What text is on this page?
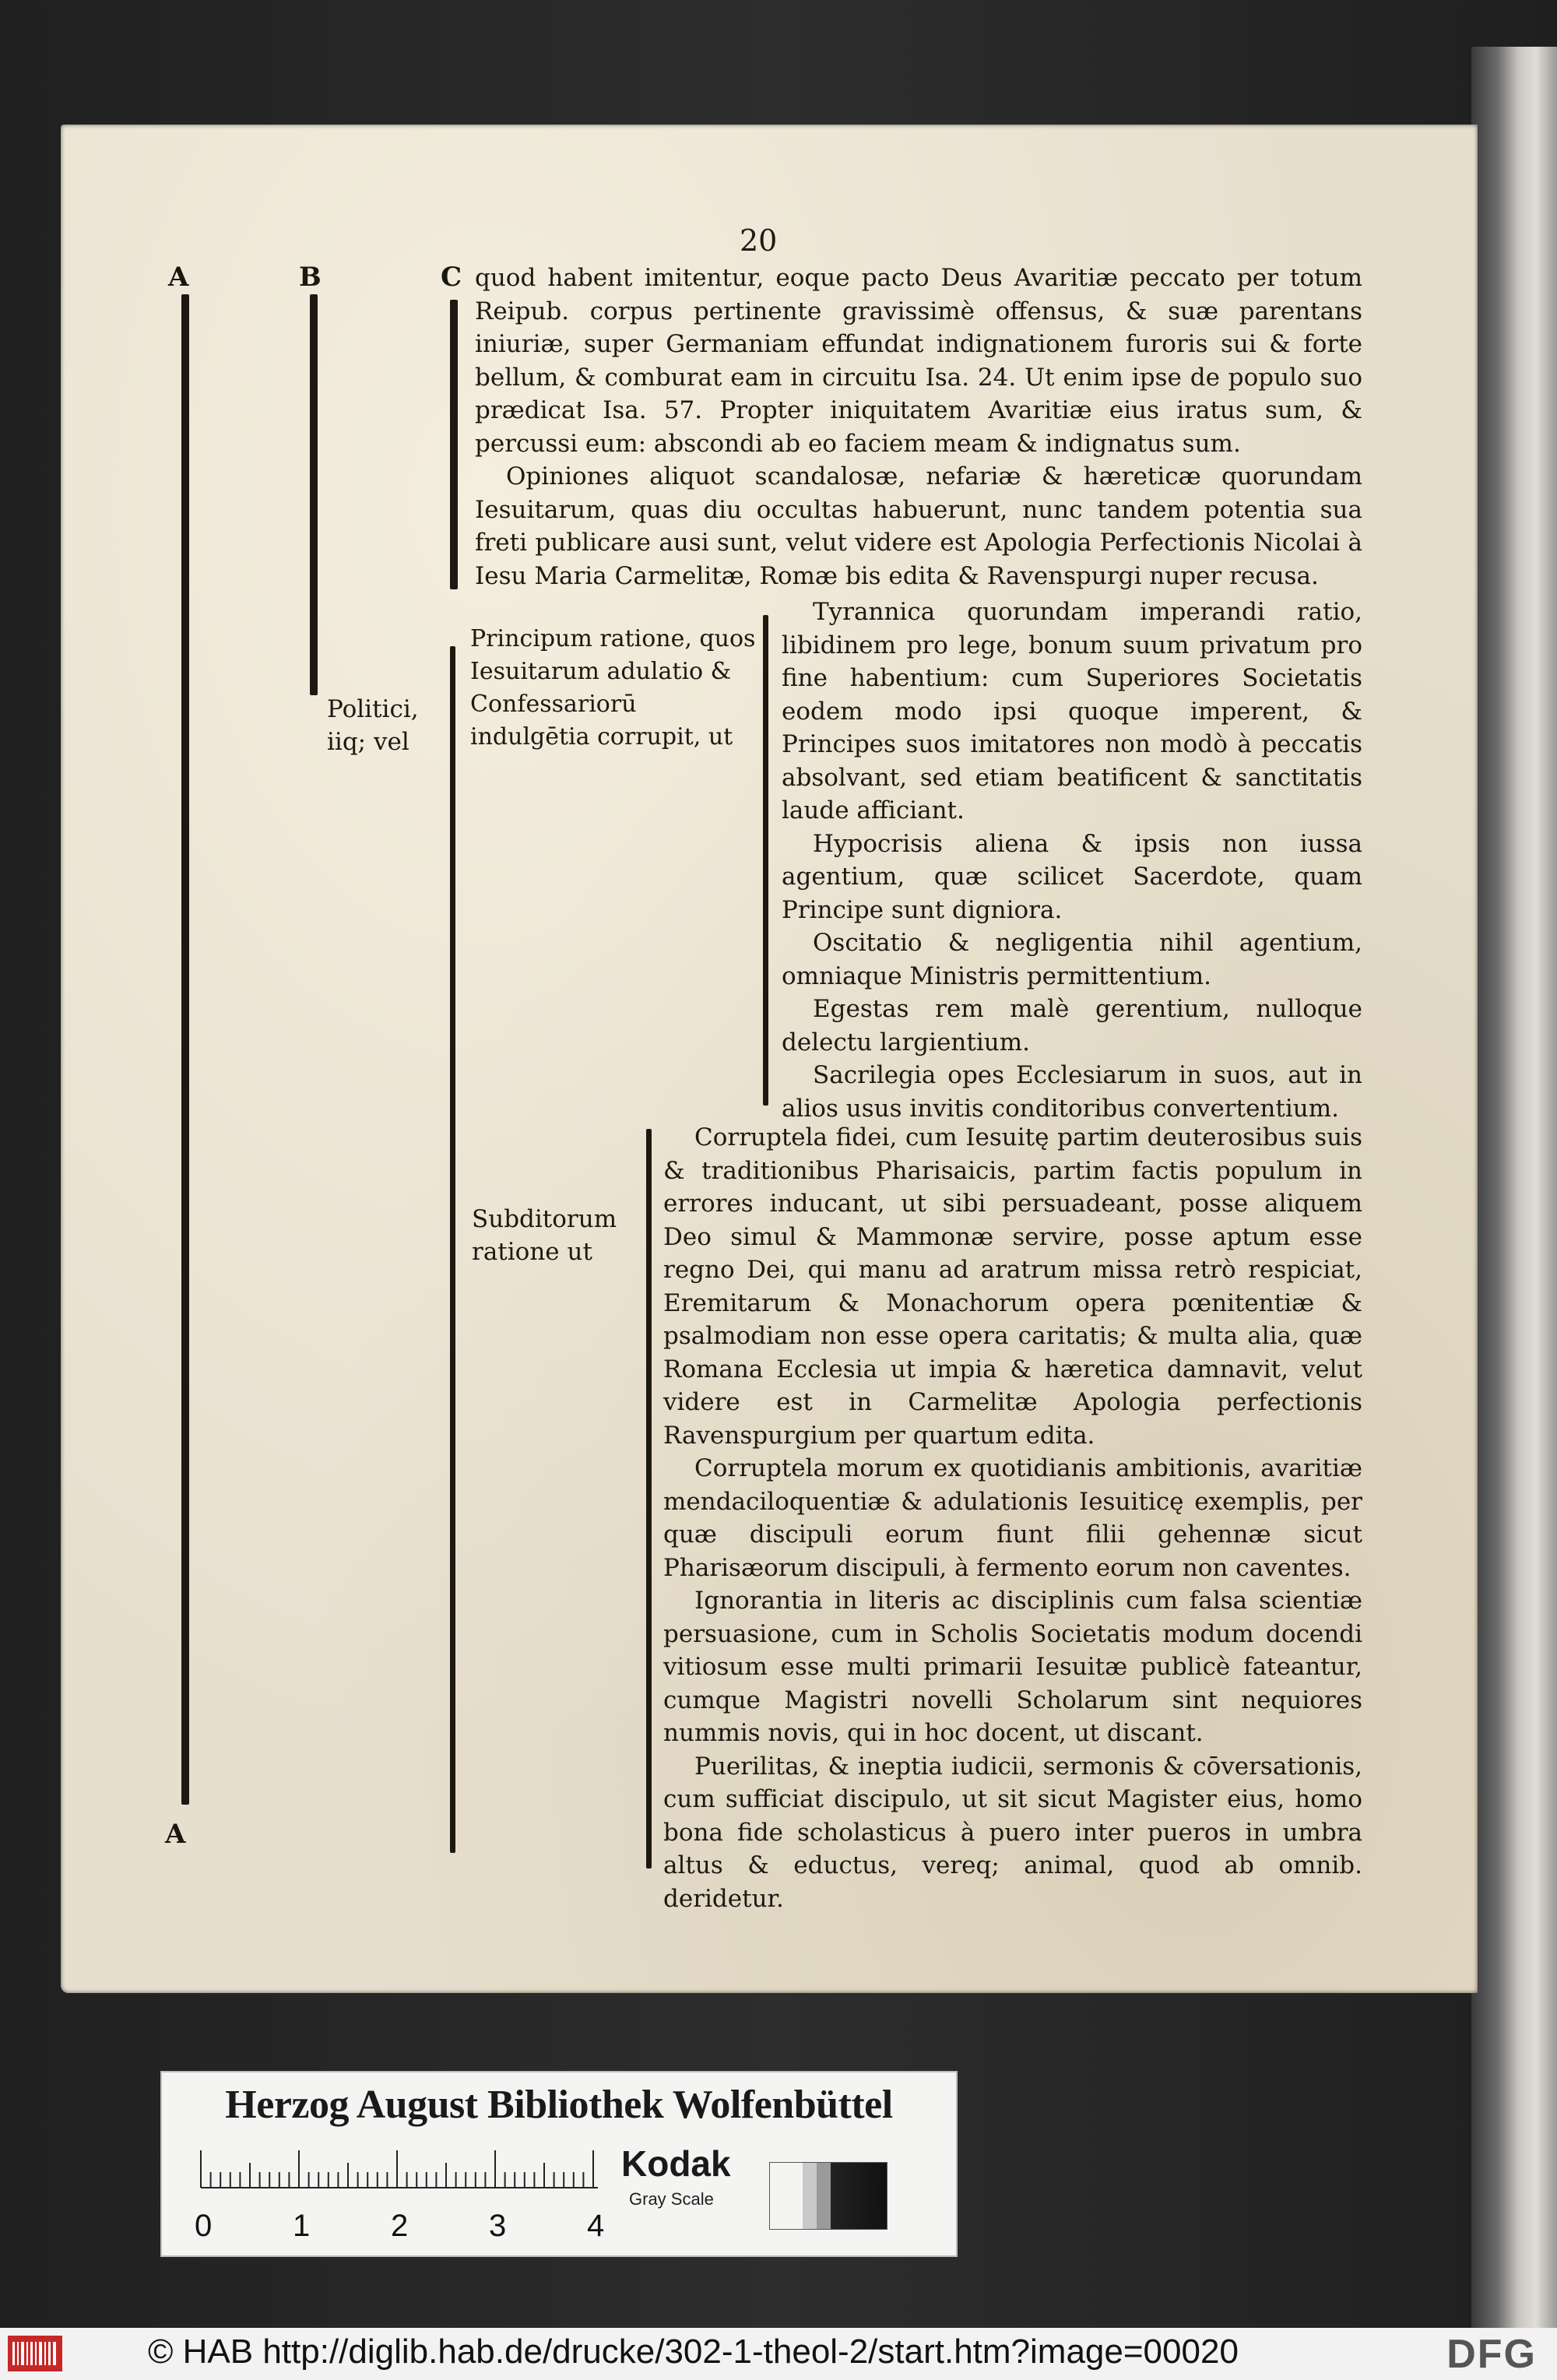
20
A	B	C
A

quod habent imitentur, eoque pacto Deus Avaritiæ peccato per totum Reipub. corpus pertinente gravissimè offensus, & suæ parentans iniuriæ, super Germaniam effundat indignationem furoris sui & forte bellum, & comburat eam in circuitu Isa. 24. Ut enim ipse de populo suo prædicat Isa. 57. Propter iniquitatem Avaritiæ eius iratus sum, & percussi eum: abscondi ab eo faciem meam & indignatus sum.

Opiniones aliquot scandalosæ, nefariæ & hæreticæ quorundam Iesuitarum, quas diu occultas habuerunt, nunc tandem potentia sua freti publicare ausi sunt, velut videre est Apologia Perfectionis Nicolai à Iesu Maria Carmelitæ, Romæ bis edita & Ravenspurgi nuper recusa.

Politici, iiq; vel
Principum ratione, quos Iesuitarum adulatio & Confessariorū indulgētia corrupit, ut

Tyrannica quorundam imperandi ratio, libidinem pro lege, bonum suum privatum pro fine habentium: cum Superiores Societatis eodem modo ipsi quoque imperent, & Principes suos imitatores non modò à peccatis absolvant, sed etiam beatificent & sanctitatis laude afficiant.

Hypocrisis aliena & ipsis non iussa agentium, quæ scilicet Sacerdote, quam Principe sunt digniora.

Oscitatio & negligentia nihil agentium, omniaque Ministris permittentium.

Egestas rem malè gerentium, nulloque delectu largientium.

Sacrilegia opes Ecclesiarum in suos, aut in alios usus invitis conditoribus convertentium.

Subditorum ratione ut

Corruptela fidei, cum Iesuitę partim deuterosibus suis & traditionibus Pharisaicis, partim factis populum in errores inducant, ut sibi persuadeant, posse aliquem Deo simul & Mammonæ servire, posse aptum esse regno Dei, qui manu ad aratrum missa retrò respiciat, Eremitarum & Monachorum opera pœnitentiæ & psalmodiam non esse opera caritatis; & multa alia, quæ Romana Ecclesia ut impia & hæretica damnavit, velut videre est in Carmelitæ Apologia perfectionis Ravenspurgium per quartum edita.

Corruptela morum ex quotidianis ambitionis, avaritiæ mendaciloquentiæ & adulationis Iesuiticę exemplis, per quæ discipuli eorum fiunt filii gehennæ sicut Pharisæorum discipuli, à fermento eorum non caventes.

Ignorantia in literis ac disciplinis cum falsa scientiæ persuasione, cum in Scholis Societatis modum docendi vitiosum esse multi primarii Iesuitæ publicè fateantur, cumque Magistri novelli Scholarum sint nequiores nummis novis, qui in hoc docent, ut discant.

Puerilitas, & ineptia iudicii, sermonis & cōversationis, cum sufficiat discipulo, ut sit sicut Magister eius, homo bona fide scholasticus à puero inter pueros in umbra altus & eductus, vereq; animal, quod ab omnib. deridetur.

Herzog August Bibliothek Wolfenbüttel
0	1	2	3	4
Kodak
Gray Scale
© HAB http://diglib.hab.de/drucke/302-1-theol-2/start.htm?image=00020	DFG
